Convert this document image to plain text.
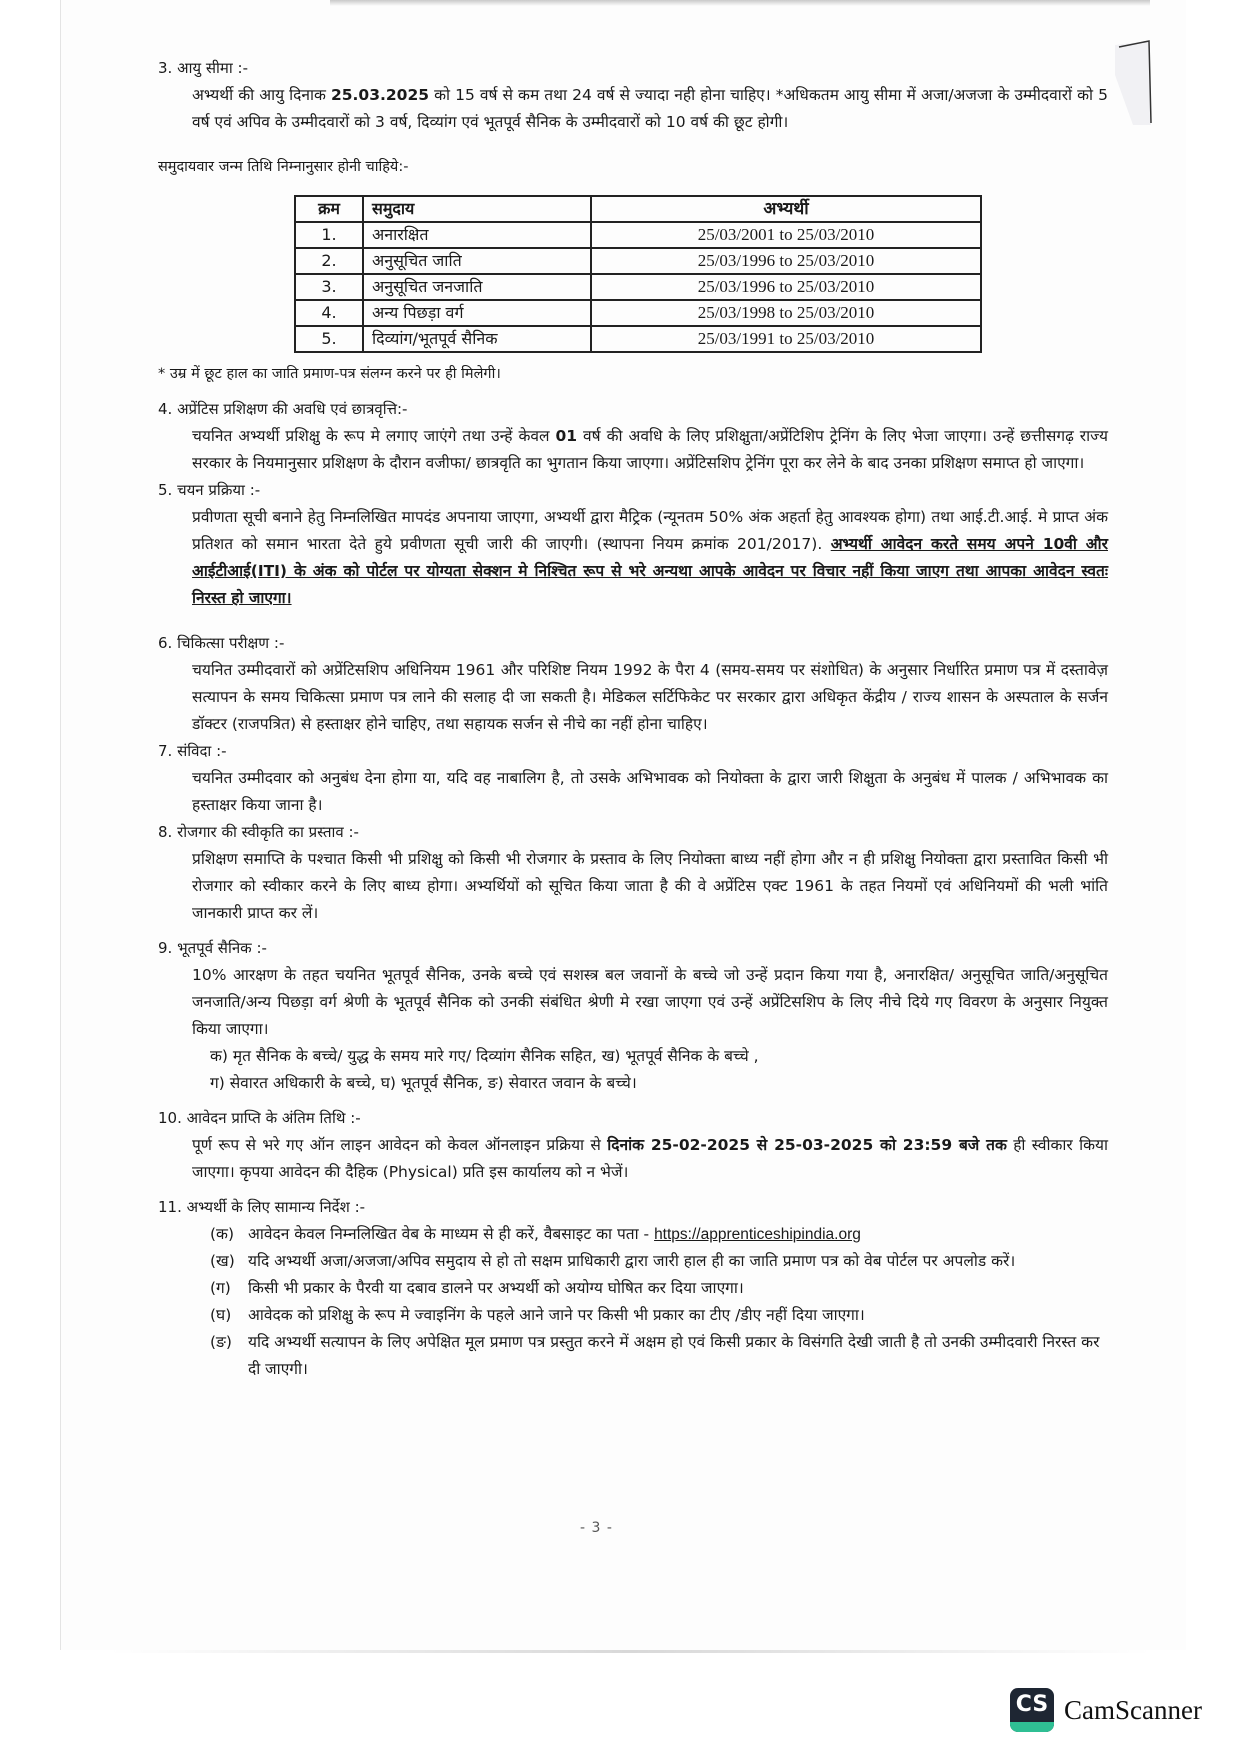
3. आयु सीमा :-

अभ्यर्थी की आयु दिनाक 25.03.2025 को 15 वर्ष से कम तथा 24 वर्ष से ज्यादा नही होना चाहिए। *अधिकतम आयु सीमा में अजा/अजजा के उम्मीदवारों को 5 वर्ष एवं अपिव के उम्मीदवारों को 3 वर्ष, दिव्यांग एवं भूतपूर्व सैनिक के उम्मीदवारों को 10 वर्ष की छूट होगी।

समुदायवार जन्म तिथि निम्नानुसार होनी चाहिये:-

क्रम	समुदाय	अभ्यर्थी
1.	अनारक्षित	25/03/2001 to 25/03/2010
2.	अनुसूचित जाति	25/03/1996 to 25/03/2010
3.	अनुसूचित जनजाति	25/03/1996 to 25/03/2010
4.	अन्य पिछड़ा वर्ग	25/03/1998 to 25/03/2010
5.	दिव्यांग/भूतपूर्व सैनिक	25/03/1991 to 25/03/2010

* उम्र में छूट हाल का जाति प्रमाण-पत्र संलग्न करने पर ही मिलेगी।

4. अप्रेंटिस प्रशिक्षण की अवधि एवं छात्रवृत्ति:-

चयनित अभ्यर्थी प्रशिक्षु के रूप मे लगाए जाएंगे तथा उन्हें केवल 01 वर्ष की अवधि के लिए प्रशिक्षुता/अप्रेंटिशिप ट्रेनिंग के लिए भेजा जाएगा। उन्हें छत्तीसगढ़ राज्य सरकार के नियमानुसार प्रशिक्षण के दौरान वजीफा/ छात्रवृति का भुगतान किया जाएगा। अप्रेंटिसशिप ट्रेनिंग पूरा कर लेने के बाद उनका प्रशिक्षण समाप्त हो जाएगा।

5. चयन प्रक्रिया :-

प्रवीणता सूची बनाने हेतु निम्नलिखित मापदंड अपनाया जाएगा, अभ्यर्थी द्वारा मैट्रिक (न्यूनतम 50% अंक अहर्ता हेतु आवश्यक होगा) तथा आई.टी.आई. मे प्राप्त अंक प्रतिशत को समान भारता देते हुये प्रवीणता सूची जारी की जाएगी। (स्थापना नियम क्रमांक 201/2017). अभ्यर्थी आवेदन करते समय अपने 10वी और आईटीआई(ITI) के अंक को पोर्टल पर योग्यता सेक्शन मे निश्चित रूप से भरे अन्यथा आपके आवेदन पर विचार नहीं किया जाएग तथा आपका आवेदन स्वतः निरस्त हो जाएगा।

6. चिकित्सा परीक्षण :-

चयनित उम्मीदवारों को अप्रेंटिसशिप अधिनियम 1961 और परिशिष्ट नियम 1992 के पैरा 4 (समय-समय पर संशोधित) के अनुसार निर्धारित प्रमाण पत्र में दस्तावेज़ सत्यापन के समय चिकित्सा प्रमाण पत्र लाने की सलाह दी जा सकती है। मेडिकल सर्टिफिकेट पर सरकार द्वारा अधिकृत केंद्रीय / राज्य शासन के अस्पताल के सर्जन डॉक्टर (राजपत्रित) से हस्ताक्षर होने चाहिए, तथा सहायक सर्जन से नीचे का नहीं होना चाहिए।

7. संविदा :-

चयनित उम्मीदवार को अनुबंध देना होगा या, यदि वह नाबालिग है, तो उसके अभिभावक को नियोक्ता के द्वारा जारी शिक्षुता के अनुबंध में पालक / अभिभावक का हस्ताक्षर किया जाना है।

8. रोजगार की स्वीकृति का प्रस्ताव :-

प्रशिक्षण समाप्ति के पश्चात किसी भी प्रशिक्षु को किसी भी रोजगार के प्रस्ताव के लिए नियोक्ता बाध्य नहीं होगा और न ही प्रशिक्षु नियोक्ता द्वारा प्रस्तावित किसी भी रोजगार को स्वीकार करने के लिए बाध्य होगा। अभ्यर्थियों को सूचित किया जाता है की वे अप्रेंटिस एक्ट 1961 के तहत नियमों एवं अधिनियमों की भली भांति जानकारी प्राप्त कर लें।

9. भूतपूर्व सैनिक :-

10% आरक्षण के तहत चयनित भूतपूर्व सैनिक, उनके बच्चे एवं सशस्त्र बल जवानों के बच्चे जो उन्हें प्रदान किया गया है, अनारक्षित/ अनुसूचित जाति/अनुसूचित जनजाति/अन्य पिछड़ा वर्ग श्रेणी के भूतपूर्व सैनिक को उनकी संबंधित श्रेणी मे रखा जाएगा एवं उन्हें अप्रेंटिसशिप के लिए नीचे दिये गए विवरण के अनुसार नियुक्त किया जाएगा।

क) मृत सैनिक के बच्चे/ युद्ध के समय मारे गए/ दिव्यांग सैनिक सहित, ख) भूतपूर्व सैनिक के बच्चे ,
ग) सेवारत अधिकारी के बच्चे, घ) भूतपूर्व सैनिक, ङ) सेवारत जवान के बच्चे।

10. आवेदन प्राप्ति के अंतिम तिथि :-

पूर्ण रूप से भरे गए ऑन लाइन आवेदन को केवल ऑनलाइन प्रक्रिया से दिनांक 25-02-2025 से 25-03-2025 को 23:59 बजे तक ही स्वीकार किया जाएगा। कृपया आवेदन की दैहिक (Physical) प्रति इस कार्यालय को न भेजें।

11. अभ्यर्थी के लिए सामान्य निर्देश :-

(क) आवेदन केवल निम्नलिखित वेब के माध्यम से ही करें, वैबसाइट का पता - https://apprenticeshipindia.org
(ख) यदि अभ्यर्थी अजा/अजजा/अपिव समुदाय से हो तो सक्षम प्राधिकारी द्वारा जारी हाल ही का जाति प्रमाण पत्र को वेब पोर्टल पर अपलोड करें।
(ग)	किसी भी प्रकार के पैरवी या दबाव डालने पर अभ्यर्थी को अयोग्य घोषित कर दिया जाएगा।
(घ)	आवेदक को प्रशिक्षु के रूप मे ज्वाइनिंग के पहले आने जाने पर किसी भी प्रकार का टीए /डीए नहीं दिया जाएगा।
(ङ)	यदि अभ्यर्थी सत्यापन के लिए अपेक्षित मूल प्रमाण पत्र प्रस्तुत करने में अक्षम हो एवं किसी प्रकार के विसंगति देखी जाती है तो उनकी उम्मीदवारी निरस्त कर दी जाएगी।
- 3 -
CS CamScanner
